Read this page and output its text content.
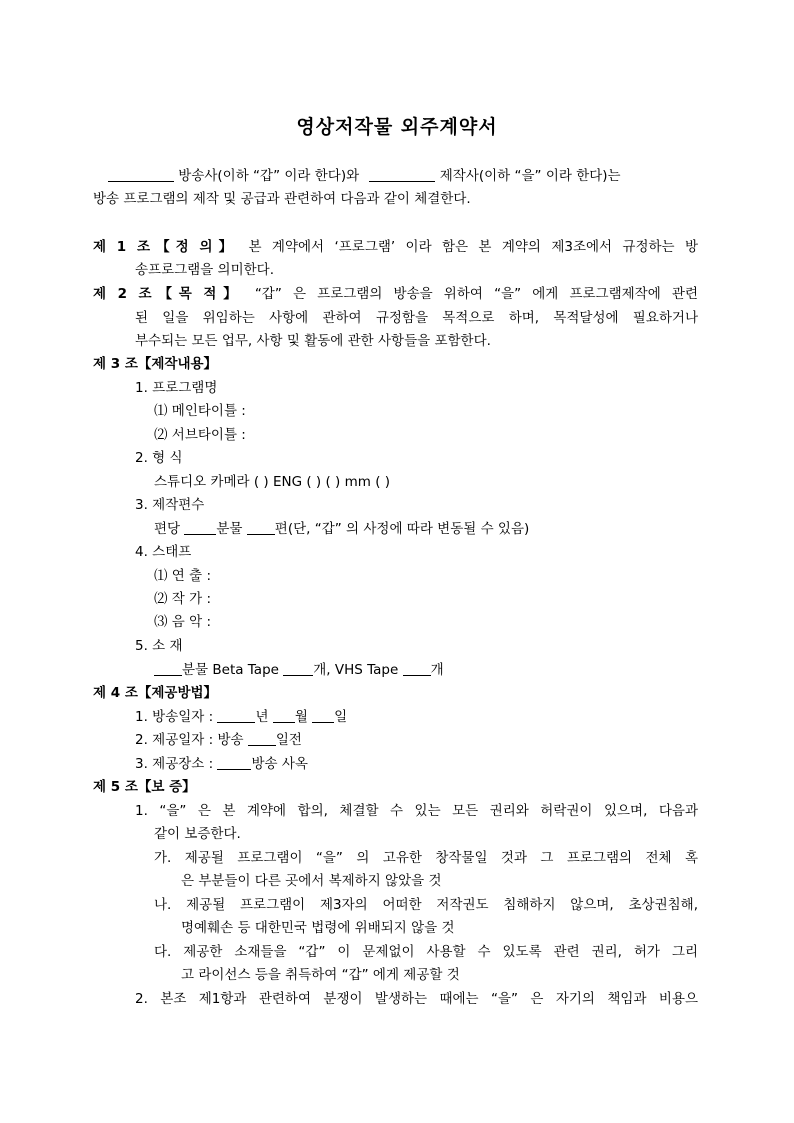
영상저작물 외주계약서
방송사(이하 “갑” 이라 한다)와	제작사(이하 “을” 이라 한다)는
방송 프로그램의 제작 및 공급과 관련하여 다음과 같이 체결한다.
제 1 조【정 의】 본 계약에서 ‘프로그램’ 이라 함은 본 계약의 제3조에서 규정하는 방
송프로그램을 의미한다.
제 2 조【목 적】 “갑” 은 프로그램의 방송을 위하여 “을” 에게 프로그램제작에 관련
된 일을 위임하는 사항에 관하여 규정함을 목적으로 하며, 목적달성에 필요하거나
부수되는 모든 업무, 사항 및 활동에 관한 사항들을 포함한다.
제 3 조【제작내용】
1. 프로그램명
⑴ 메인타이틀 :
⑵ 서브타이틀 :
2. 형 식
스튜디오 카메라 ( ) ENG ( ) ( ) mm ( )
3. 제작편수
편당	분물 편(단, “갑” 의 사정에 따라 변동될 수 있음)
4. 스태프
⑴ 연 출 :
⑵ 작 가 :
⑶ 음 악 :
5. 소 재
분물 Beta Tape	개, VHS Tape 개
제 4 조【제공방법】
1. 방송일자 :	년 월 일
2. 제공일자 : 방송 일전
3. 제공장소 :	방송 사옥
제 5 조【보 증】
1. “을” 은 본 계약에 합의, 체결할 수 있는 모든 권리와 허락권이 있으며, 다음과
같이 보증한다.
가. 제공될 프로그램이 “을” 의 고유한 창작물일 것과 그 프로그램의 전체 혹
은 부분들이 다른 곳에서 복제하지 않았을 것
나. 제공될 프로그램이 제3자의 어떠한 저작권도 침해하지 않으며, 초상권침해,
명예훼손 등 대한민국 법령에 위배되지 않을 것
다. 제공한 소재들을 “갑” 이 문제없이 사용할 수 있도록 관련 권리, 허가 그리
고 라이선스 등을 취득하여 “갑” 에게 제공할 것
2. 본조 제1항과 관련하여 분쟁이 발생하는 때에는 “을” 은 자기의 책임과 비용으
